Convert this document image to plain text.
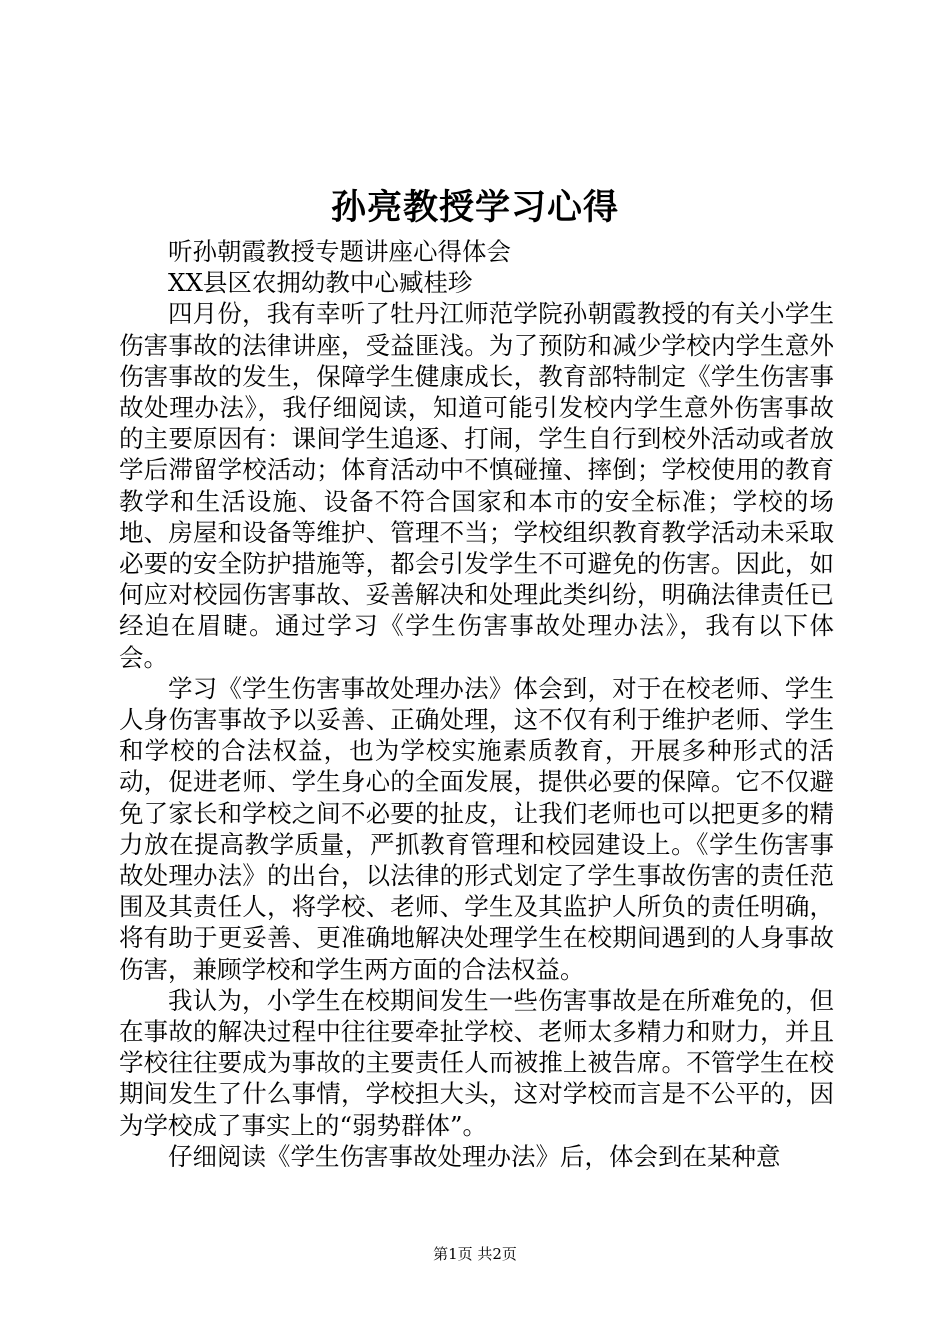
孙亮教授学习心得

听孙朝霞教授专题讲座心得体会

XX县区农拥幼教中心臧桂珍

四月份，我有幸听了牡丹江师范学院孙朝霞教授的有关小学生伤害事故的法律讲座，受益匪浅。为了预防和减少学校内学生意外伤害事故的发生，保障学生健康成长，教育部特制定《学生伤害事故处理办法》，我仔细阅读，知道可能引发校内学生意外伤害事故的主要原因有：课间学生追逐、打闹，学生自行到校外活动或者放学后滞留学校活动；体育活动中不慎碰撞、摔倒；学校使用的教育教学和生活设施、设备不符合国家和本市的安全标准；学校的场地、房屋和设备等维护、管理不当；学校组织教育教学活动未采取必要的安全防护措施等，都会引发学生不可避免的伤害。因此，如何应对校园伤害事故、妥善解决和处理此类纠纷，明确法律责任已经迫在眉睫。通过学习《学生伤害事故处理办法》，我有以下体会。

学习《学生伤害事故处理办法》体会到，对于在校老师、学生人身伤害事故予以妥善、正确处理，这不仅有利于维护老师、学生和学校的合法权益，也为学校实施素质教育，开展多种形式的活动，促进老师、学生身心的全面发展，提供必要的保障。它不仅避免了家长和学校之间不必要的扯皮，让我们老师也可以把更多的精力放在提高教学质量，严抓教育管理和校园建设上。《学生伤害事故处理办法》的出台，以法律的形式划定了学生事故伤害的责任范围及其责任人，将学校、老师、学生及其监护人所负的责任明确，将有助于更妥善、更准确地解决处理学生在校期间遇到的人身事故伤害，兼顾学校和学生两方面的合法权益。

我认为，小学生在校期间发生一些伤害事故是在所难免的，但在事故的解决过程中往往要牵扯学校、老师太多精力和财力，并且学校往往要成为事故的主要责任人而被推上被告席。不管学生在校期间发生了什么事情，学校担大头，这对学校而言是不公平的，因为学校成了事实上的“弱势群体”。

仔细阅读《学生伤害事故处理办法》后，体会到在某种意

第1页 共2页
